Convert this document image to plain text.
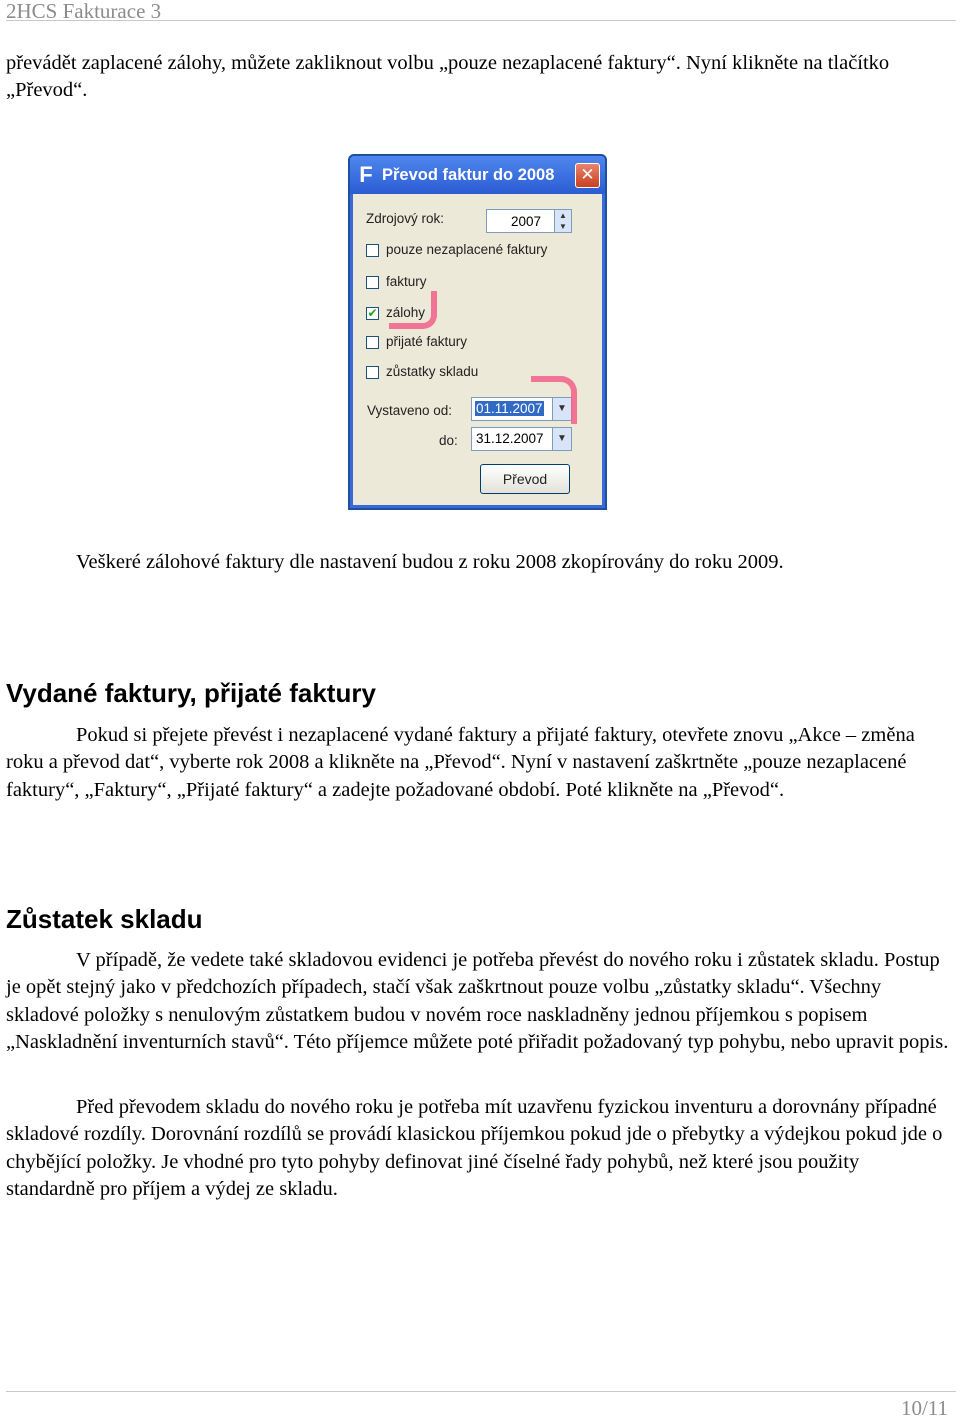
2HCS Fakturace 3

převádět zaplacené zálohy, můžete zakliknout volbu „pouze nezaplacené faktury“. Nyní klikněte na tlačítko „Převod“.

F Převod faktur do 2008	✕
Zdrojový rok:	2007	▲
▼
pouze nezaplacené faktury
faktury
✔ zálohy
přijaté faktury
zůstatky skladu
Vystaveno od: 01.11.2007	▼
do: 31.12.2007	▼
Převod

Veškeré zálohové faktury dle nastavení budou z roku 2008 zkopírovány do roku 2009.

Vydané faktury, přijaté faktury

Pokud si přejete převést i nezaplacené vydané faktury a přijaté faktury, otevřete znovu „Akce – změna roku a převod dat“, vyberte rok 2008 a klikněte na „Převod“. Nyní v nastavení zaškrtněte „pouze nezaplacené faktury“, „Faktury“, „Přijaté faktury“ a zadejte požadované období. Poté klikněte na „Převod“.

Zůstatek skladu

V případě, že vedete také skladovou evidenci je potřeba převést do nového roku i zůstatek skladu. Postup je opět stejný jako v předchozích případech, stačí však zaškrtnout pouze volbu „zůstatky skladu“. Všechny skladové položky s nenulovým zůstatkem budou v novém roce naskladněny jednou příjemkou s popisem „Naskladnění inventurních stavů“. Této příjemce můžete poté přiřadit požadovaný typ pohybu, nebo upravit popis.

Před převodem skladu do nového roku je potřeba mít uzavřenu fyzickou inventuru a dorovnány případné skladové rozdíly. Dorovnání rozdílů se provádí klasickou příjemkou pokud jde o přebytky a výdejkou pokud jde o chybějící položky. Je vhodné pro tyto pohyby definovat jiné číselné řady pohybů, než které jsou použity standardně pro příjem a výdej ze skladu.

10/11
